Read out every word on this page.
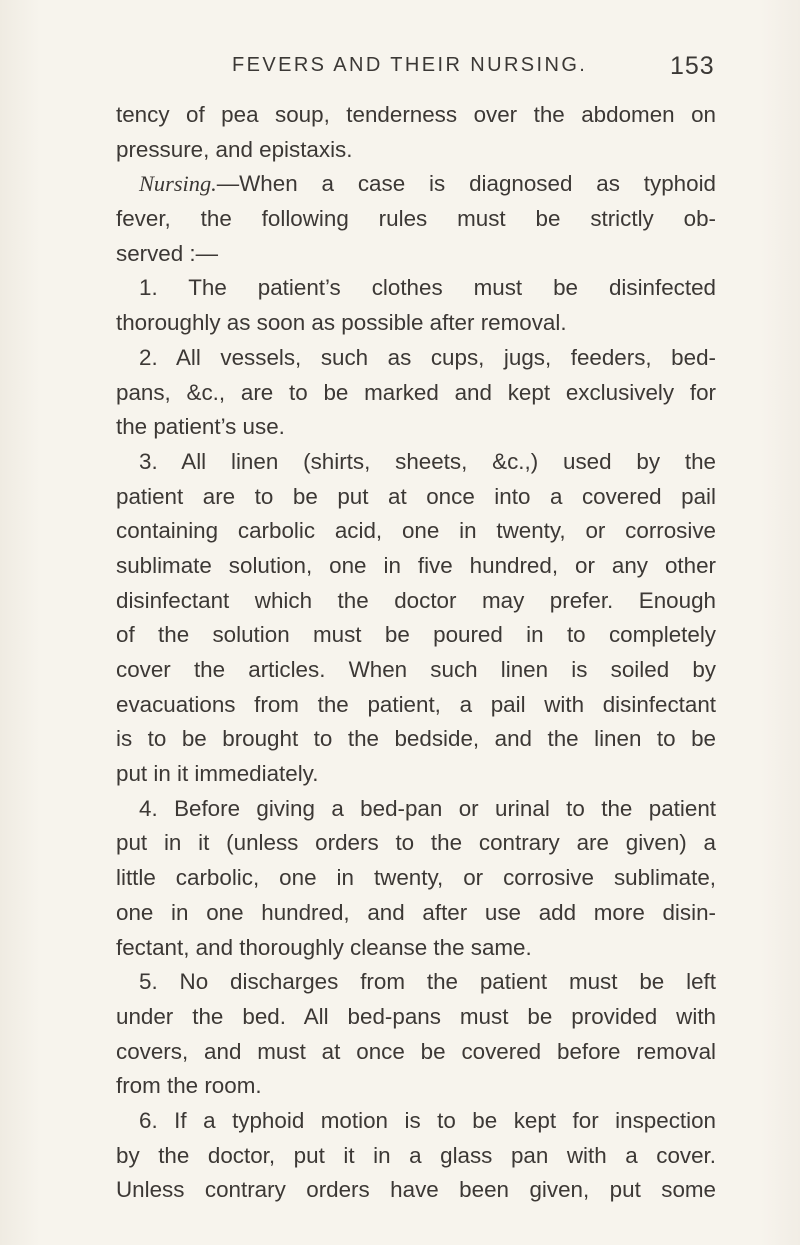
FEVERS AND THEIR NURSING.	153
tency of pea soup, tenderness over the abdomen on
pressure, and epistaxis.
Nursing.—When a case is diagnosed as typhoid
fever, the following rules must be strictly ob-
served :—
1. The patient’s clothes must be disinfected
thoroughly as soon as possible after removal.
2. All vessels, such as cups, jugs, feeders, bed-
pans, &c., are to be marked and kept exclusively for
the patient’s use.
3. All linen (shirts, sheets, &c.,) used by the
patient are to be put at once into a covered pail
containing carbolic acid, one in twenty, or corrosive
sublimate solution, one in five hundred, or any other
disinfectant which the doctor may prefer. Enough
of the solution must be poured in to completely
cover the articles. When such linen is soiled by
evacuations from the patient, a pail with disinfectant
is to be brought to the bedside, and the linen to be
put in it immediately.
4. Before giving a bed-pan or urinal to the patient
put in it (unless orders to the contrary are given) a
little carbolic, one in twenty, or corrosive sublimate,
one in one hundred, and after use add more disin-
fectant, and thoroughly cleanse the same.
5. No discharges from the patient must be left
under the bed. All bed-pans must be provided with
covers, and must at once be covered before removal
from the room.
6. If a typhoid motion is to be kept for inspection
by the doctor, put it in a glass pan with a cover.
Unless contrary orders have been given, put some
